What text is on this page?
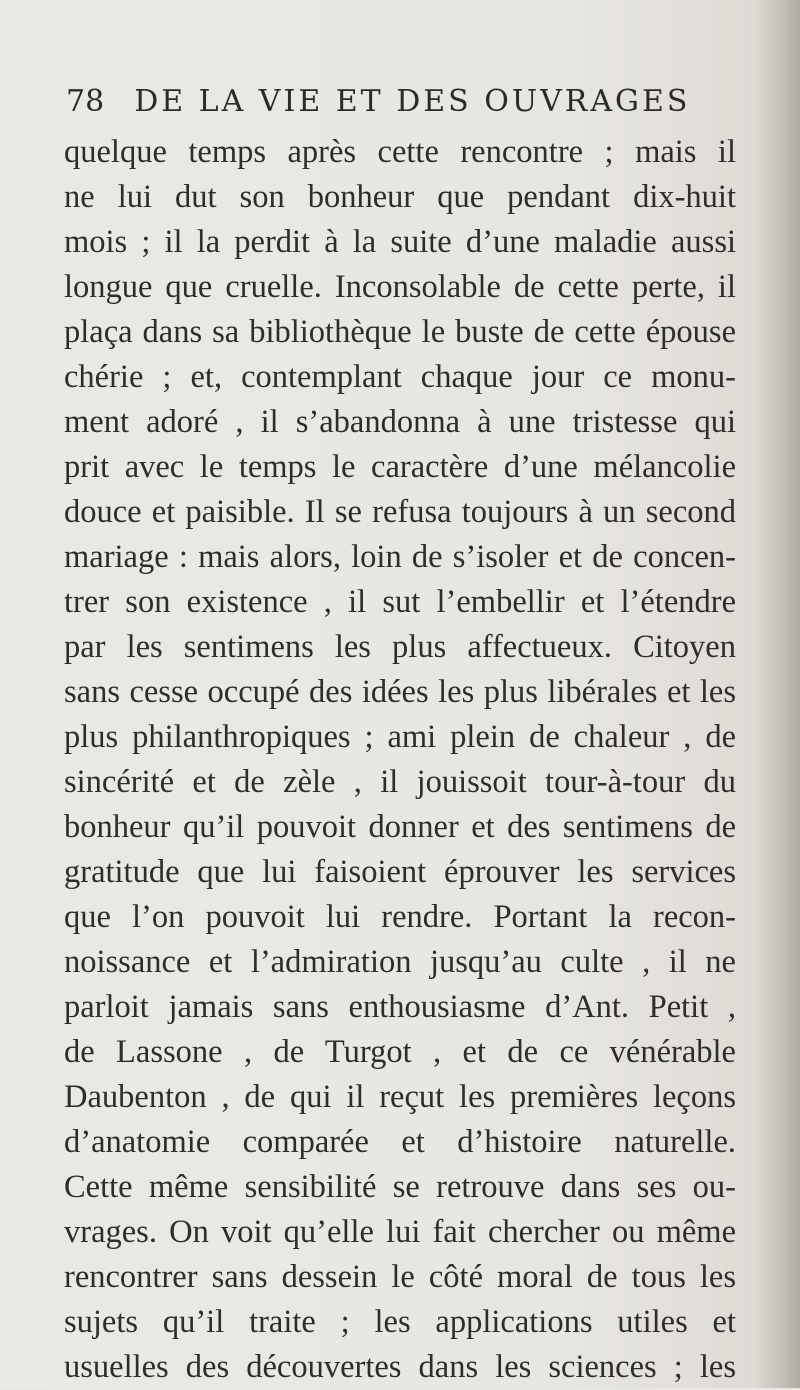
78 DE LA VIE ET DES OUVRAGES
quelque temps après cette rencontre ; mais il
ne lui dut son bonheur que pendant dix-huit
mois ; il la perdit à la suite d’une maladie aussi
longue que cruelle. Inconsolable de cette perte, il
plaça dans sa bibliothèque le buste de cette épouse
chérie ; et, contemplant chaque jour ce monu-
ment adoré , il s’abandonna à une tristesse qui
prit avec le temps le caractère d’une mélancolie
douce et paisible. Il se refusa toujours à un second
mariage : mais alors, loin de s’isoler et de concen-
trer son existence , il sut l’embellir et l’étendre
par les sentimens les plus affectueux. Citoyen
sans cesse occupé des idées les plus libérales et les
plus philanthropiques ; ami plein de chaleur , de
sincérité et de zèle , il jouissoit tour-à-tour du
bonheur qu’il pouvoit donner et des sentimens de
gratitude que lui faisoient éprouver les services
que l’on pouvoit lui rendre. Portant la recon-
noissance et l’admiration jusqu’au culte , il ne
parloit jamais sans enthousiasme d’Ant. Petit ,
de Lassone , de Turgot , et de ce vénérable
Daubenton , de qui il reçut les premières leçons
d’anatomie comparée et d’histoire naturelle.
Cette même sensibilité se retrouve dans ses ou-
vrages. On voit qu’elle lui fait chercher ou même
rencontrer sans dessein le côté moral de tous les
sujets qu’il traite ; les applications utiles et
usuelles des découvertes dans les sciences ; les
